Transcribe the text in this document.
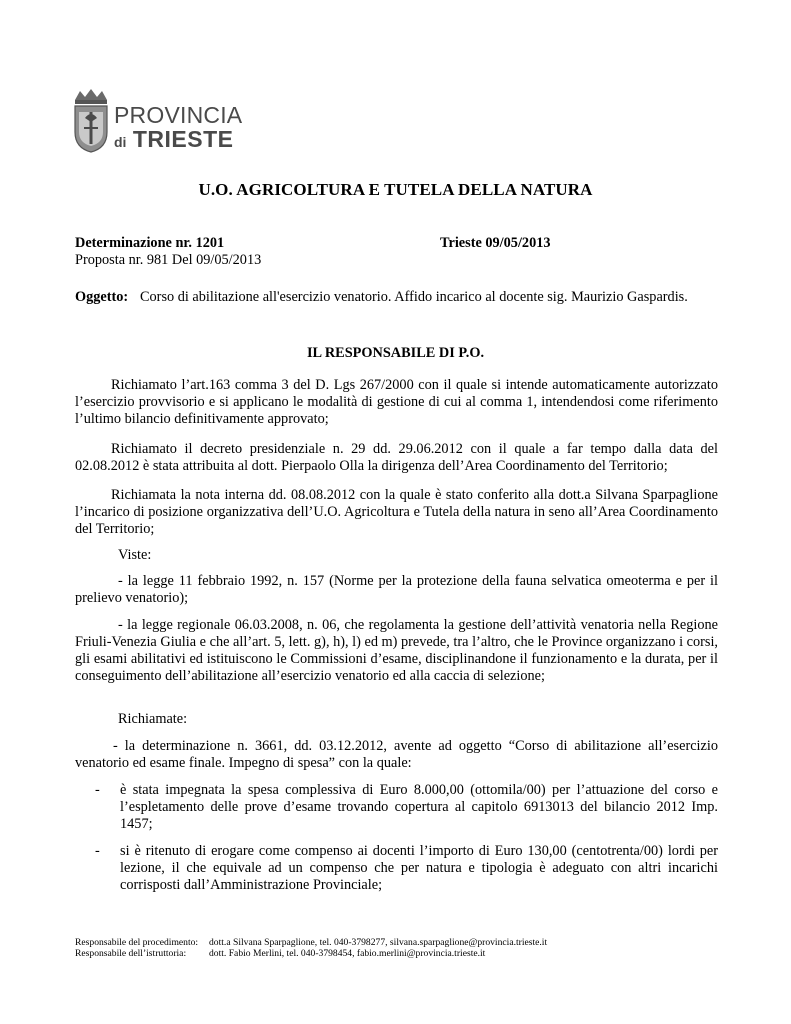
PROVINCIA
di TRIESTE
U.O. AGRICOLTURA E TUTELA DELLA NATURA
Determinazione nr. 1201	Trieste 09/05/2013
Proposta nr. 981 Del 09/05/2013
Oggetto: Corso di abilitazione all'esercizio venatorio. Affido incarico al docente sig. Maurizio Gaspardis.
IL RESPONSABILE DI P.O.
Richiamato l’art.163 comma 3 del D. Lgs 267/2000 con il quale si intende automaticamente autorizzato l’esercizio provvisorio e si applicano le modalità di gestione di cui al comma 1, intendendosi come riferimento l’ultimo bilancio definitivamente approvato;
Richiamato il decreto presidenziale n. 29 dd. 29.06.2012 con il quale a far tempo dalla data del 02.08.2012 è stata attribuita al dott. Pierpaolo Olla la dirigenza dell’Area Coordinamento del Territorio;
Richiamata la nota interna dd. 08.08.2012 con la quale è stato conferito alla dott.a Silvana Sparpaglione l’incarico di posizione organizzativa dell’U.O. Agricoltura e Tutela della natura in seno all’Area Coordinamento del Territorio;
Viste:
- la legge 11 febbraio 1992, n. 157 (Norme per la protezione della fauna selvatica omeoterma e per il prelievo venatorio);
- la legge regionale 06.03.2008, n. 06, che regolamenta la gestione dell’attività venatoria nella Regione Friuli-Venezia Giulia e che all’art. 5, lett. g), h), l) ed m) prevede, tra l’altro, che le Province organizzano i corsi, gli esami abilitativi ed istituiscono le Commissioni d’esame, disciplinandone il funzionamento e la durata, per il conseguimento dell’abilitazione all’esercizio venatorio ed alla caccia di selezione;
Richiamate:
- la determinazione n. 3661, dd. 03.12.2012, avente ad oggetto “Corso di abilitazione all’esercizio venatorio ed esame finale. Impegno di spesa” con la quale:
- è stata impegnata la spesa complessiva di Euro 8.000,00 (ottomila/00) per l’attuazione del corso e l’espletamento delle prove d’esame trovando copertura al capitolo 6913013 del bilancio 2012 Imp. 1457;
- si è ritenuto di erogare come compenso ai docenti l’importo di Euro 130,00 (centotrenta/00) lordi per lezione, il che equivale ad un compenso che per natura e tipologia è adeguato con altri incarichi corrisposti dall’Amministrazione Provinciale;
Responsabile del procedimento: dott.a Silvana Sparpaglione, tel. 040-3798277, silvana.sparpaglione@provincia.trieste.it
Responsabile dell’istruttoria: dott. Fabio Merlini, tel. 040-3798454, fabio.merlini@provincia.trieste.it
